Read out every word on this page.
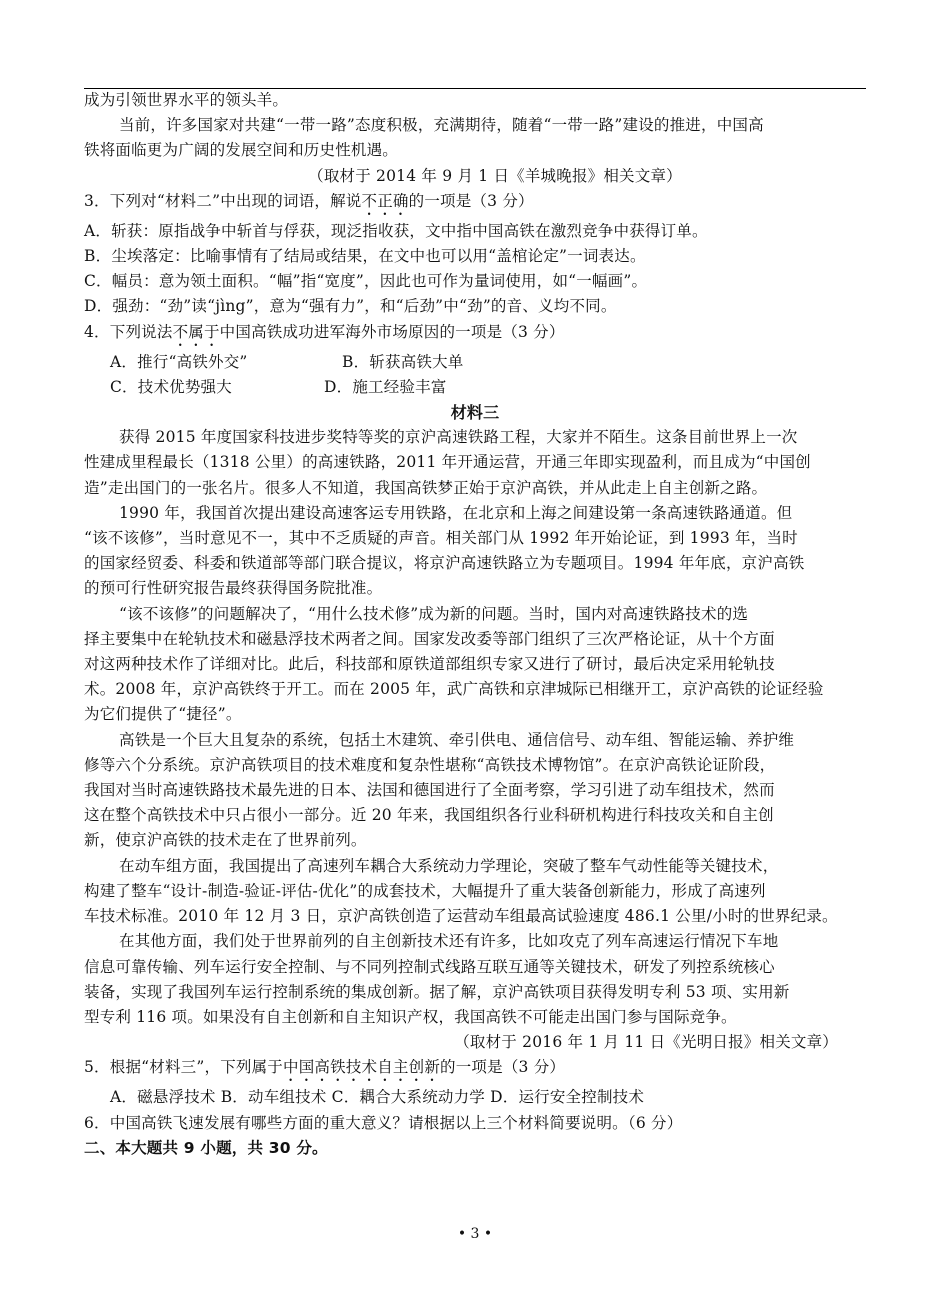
成为引领世界水平的领头羊。
当前，许多国家对共建“一带一路”态度积极，充满期待，随着“一带一路”建设的推进，中国高
铁将面临更为广阔的发展空间和历史性机遇。
（取材于 2014 年 9 月 1 日《羊城晚报》相关文章）
3．下列对“材料二”中出现的词语，解说不正确的一项是（3 分）
A．斩获：原指战争中斩首与俘获，现泛指收获，文中指中国高铁在激烈竞争中获得订单。
B．尘埃落定：比喻事情有了结局或结果，在文中也可以用“盖棺论定”一词表达。
C．幅员：意为领土面积。“幅”指“宽度”，因此也可作为量词使用，如“一幅画”。
D．强劲：“劲”读“jìng”，意为“强有力”，和“后劲”中“劲”的音、义均不同。
4．下列说法不属于中国高铁成功进军海外市场原因的一项是（3 分）
A．推行“高铁外交”	B．斩获高铁大单
C．技术优势强大	D．施工经验丰富
材料三
获得 2015 年度国家科技进步奖特等奖的京沪高速铁路工程，大家并不陌生。这条目前世界上一次
性建成里程最长（1318 公里）的高速铁路，2011 年开通运营，开通三年即实现盈利，而且成为“中国创
造”走出国门的一张名片。很多人不知道，我国高铁梦正始于京沪高铁，并从此走上自主创新之路。
1990 年，我国首次提出建设高速客运专用铁路，在北京和上海之间建设第一条高速铁路通道。但
“该不该修”，当时意见不一，其中不乏质疑的声音。相关部门从 1992 年开始论证，到 1993 年，当时
的国家经贸委、科委和铁道部等部门联合提议，将京沪高速铁路立为专题项目。1994 年年底，京沪高铁
的预可行性研究报告最终获得国务院批准。
“该不该修”的问题解决了，“用什么技术修”成为新的问题。当时，国内对高速铁路技术的选
择主要集中在轮轨技术和磁悬浮技术两者之间。国家发改委等部门组织了三次严格论证，从十个方面
对这两种技术作了详细对比。此后，科技部和原铁道部组织专家又进行了研讨，最后决定采用轮轨技
术。2008 年，京沪高铁终于开工。而在 2005 年，武广高铁和京津城际已相继开工，京沪高铁的论证经验
为它们提供了“捷径”。
高铁是一个巨大且复杂的系统，包括土木建筑、牵引供电、通信信号、动车组、智能运输、养护维
修等六个分系统。京沪高铁项目的技术难度和复杂性堪称“高铁技术博物馆”。在京沪高铁论证阶段，
我国对当时高速铁路技术最先进的日本、法国和德国进行了全面考察，学习引进了动车组技术，然而
这在整个高铁技术中只占很小一部分。近 20 年来，我国组织各行业科研机构进行科技攻关和自主创
新，使京沪高铁的技术走在了世界前列。
在动车组方面，我国提出了高速列车耦合大系统动力学理论，突破了整车气动性能等关键技术，
构建了整车“设计-制造-验证-评估-优化”的成套技术，大幅提升了重大装备创新能力，形成了高速列
车技术标准。2010 年 12 月 3 日，京沪高铁创造了运营动车组最高试验速度 486.1 公里/小时的世界纪录。
在其他方面，我们处于世界前列的自主创新技术还有许多，比如攻克了列车高速运行情况下车地
信息可靠传输、列车运行安全控制、与不同列控制式线路互联互通等关键技术，研发了列控系统核心
装备，实现了我国列车运行控制系统的集成创新。据了解，京沪高铁项目获得发明专利 53 项、实用新
型专利 116 项。如果没有自主创新和自主知识产权，我国高铁不可能走出国门参与国际竞争。
（取材于 2016 年 1 月 11 日《光明日报》相关文章）
5．根据“材料三”，下列属于中国高铁技术自主创新的一项是（3 分）
A．磁悬浮技术 B．动车组技术 C．耦合大系统动力学 D．运行安全控制技术
6．中国高铁飞速发展有哪些方面的重大意义？请根据以上三个材料简要说明。（6 分）
二、本大题共 9 小题，共 30 分。
• 3 •
